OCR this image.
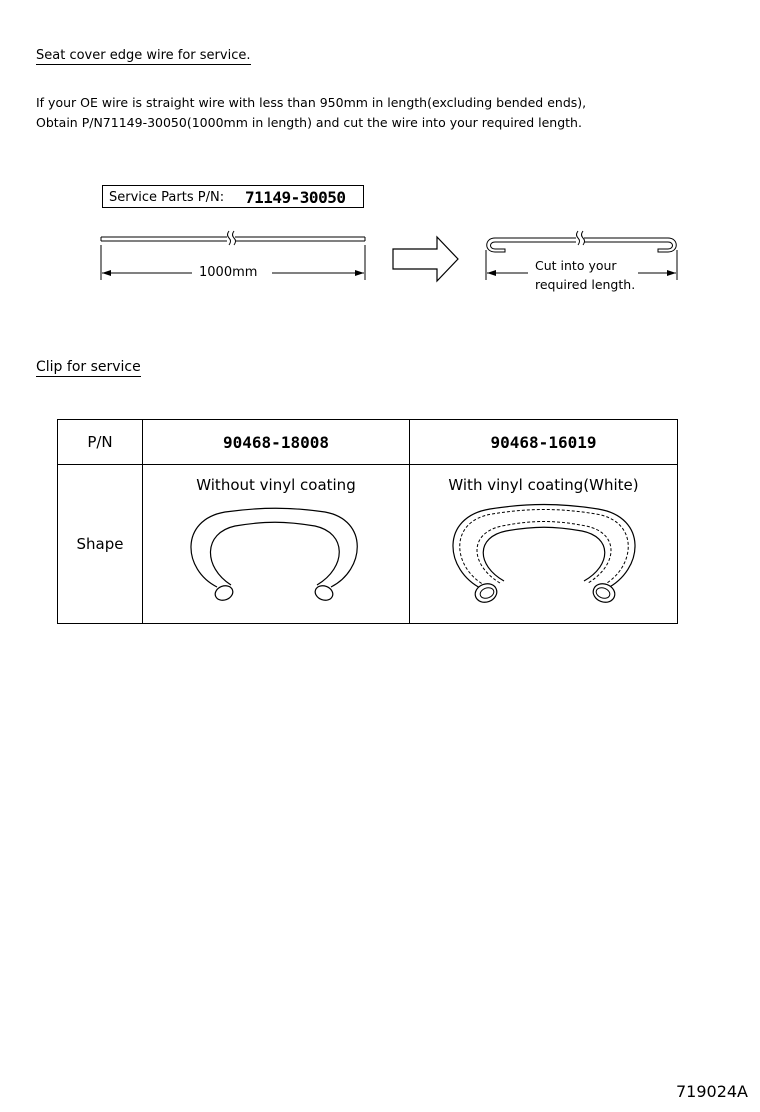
Seat cover edge wire for service.
If your OE wire is straight wire with less than 950mm in length(excluding bended ends),
Obtain P/N71149-30050(1000mm in length) and cut the wire into your required length.
Service Parts P/N: 71149-30050
1000mm	Cut into your
required length.
Clip for service
P/N	90468-18008	90468-16019
Shape	Without vinyl coating	With vinyl coating(White)
719024A
